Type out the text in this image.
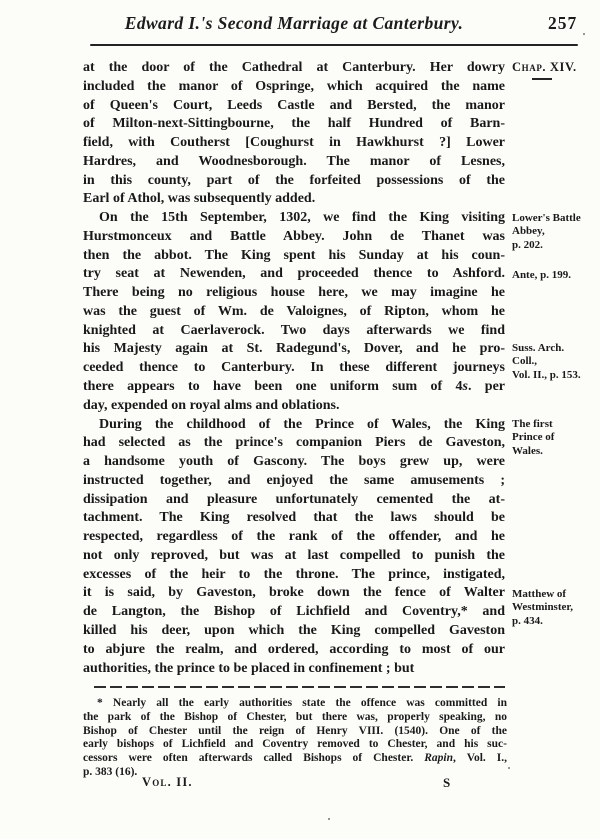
Edward I.'s Second Marriage at Canterbury.	257
at the door of the Cathedral at Canterbury. Her dowry
included the manor of Ospringe, which acquired the name
of Queen's Court, Leeds Castle and Bersted, the manor
of Milton-next-Sittingbourne, the half Hundred of Barn-
field, with Coutherst [Coughurst in Hawkhurst ?] Lower
Hardres, and Woodnesborough. The manor of Lesnes,
in this county, part of the forfeited possessions of the
Earl of Athol, was subsequently added.
On the 15th September, 1302, we find the King visiting
Hurstmonceux and Battle Abbey. John de Thanet was
then the abbot. The King spent his Sunday at his coun-
try seat at Newenden, and proceeded thence to Ashford.
There being no religious house here, we may imagine he
was the guest of Wm. de Valoignes, of Ripton, whom he
knighted at Caerlaverock. Two days afterwards we find
his Majesty again at St. Radegund's, Dover, and he pro-
ceeded thence to Canterbury. In these different journeys
there appears to have been one uniform sum of 4s. per
day, expended on royal alms and oblations.
During the childhood of the Prince of Wales, the King
had selected as the prince's companion Piers de Gaveston,
a handsome youth of Gascony. The boys grew up, were
instructed together, and enjoyed the same amusements ;
dissipation and pleasure unfortunately cemented the at-
tachment. The King resolved that the laws should be
respected, regardless of the rank of the offender, and he
not only reproved, but was at last compelled to punish the
excesses of the heir to the throne. The prince, instigated,
it is said, by Gaveston, broke down the fence of Walter
de Langton, the Bishop of Lichfield and Coventry,* and
killed his deer, upon which the King compelled Gaveston
to abjure the realm, and ordered, according to most of our
authorities, the prince to be placed in confinement ; but
Chap. XIV.
Lower's Battle
Abbey,
p. 202.
Ante, p. 199.
Suss. Arch.
Coll.,
Vol. II., p. 153.
The first
Prince of
Wales.
Matthew of
Westminster,
p. 434.
* Nearly all the early authorities state the offence was committed in
the park of the Bishop of Chester, but there was, properly speaking, no
Bishop of Chester until the reign of Henry VIII. (1540). One of the
early bishops of Lichfield and Coventry removed to Chester, and his suc-
cessors were often afterwards called Bishops of Chester. Rapin, Vol. I.,
p. 383 (16).
Vol. II.	S
